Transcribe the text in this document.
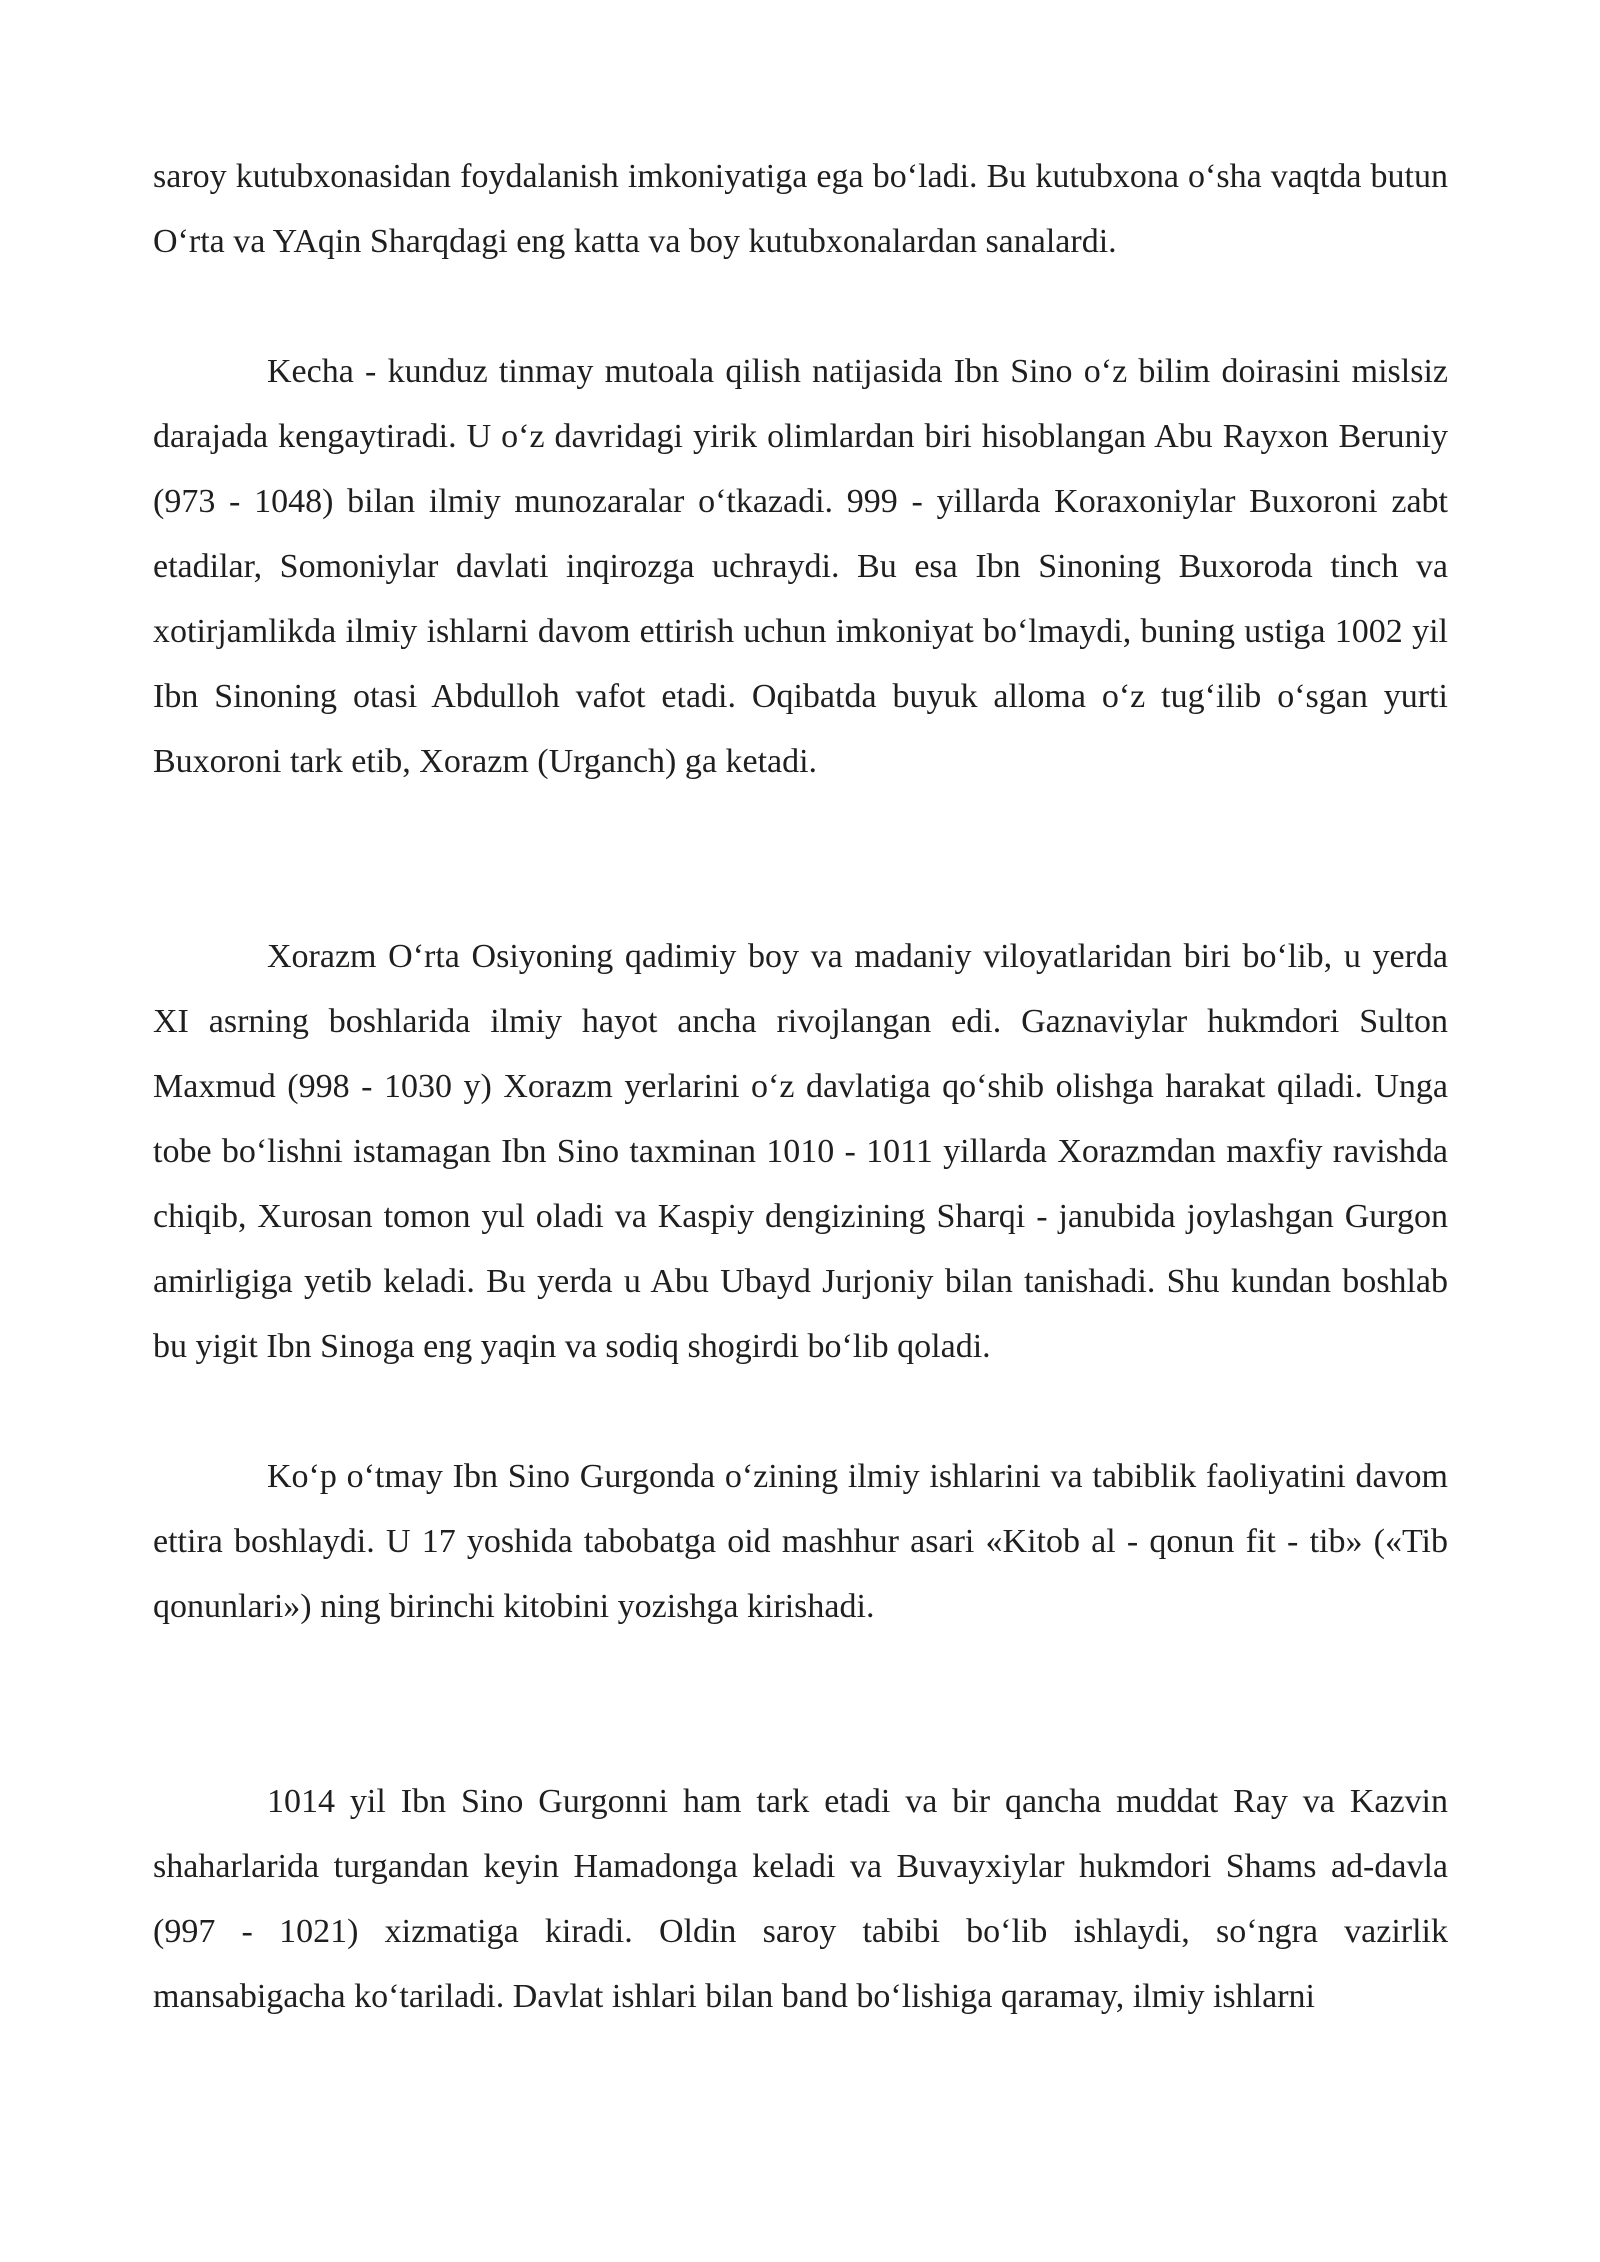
saroy kutubxonasidan foydalanish imkoniyatiga ega bo‘ladi. Bu kutubxona o‘sha vaqtda butun O‘rta va YAqin Sharqdagi eng katta va boy kutubxonalardan sanalardi.

Kecha - kunduz tinmay mutoala qilish natijasida Ibn Sino o‘z bilim doirasini mislsiz darajada kengaytiradi. U o‘z davridagi yirik olimlardan biri hisoblangan Abu Rayxon Beruniy (973 - 1048) bilan ilmiy munozaralar o‘tkazadi. 999 - yillarda Koraxoniylar Buxoroni zabt etadilar, Somoniylar davlati inqirozga uchraydi. Bu esa Ibn Sinoning Buxoroda tinch va xotirjamlikda ilmiy ishlarni davom ettirish uchun imkoniyat bo‘lmaydi, buning ustiga 1002 yil Ibn Sinoning otasi Abdulloh vafot etadi. Oqibatda buyuk alloma o‘z tug‘ilib o‘sgan yurti Buxoroni tark etib, Xorazm (Urganch) ga ketadi.

Xorazm O‘rta Osiyoning qadimiy boy va madaniy viloyatlaridan biri bo‘lib, u yerda XI asrning boshlarida ilmiy hayot ancha rivojlangan edi. Gaznaviylar hukmdori Sulton Maxmud (998 - 1030 y) Xorazm yerlarini o‘z davlatiga qo‘shib olishga harakat qiladi. Unga tobe bo‘lishni istamagan Ibn Sino taxminan 1010 - 1011 yillarda Xorazmdan maxfiy ravishda chiqib, Xurosan tomon yul oladi va Kaspiy dengizining Sharqi - janubida joylashgan Gurgon amirligiga yetib keladi. Bu yerda u Abu Ubayd Jurjoniy bilan tanishadi. Shu kundan boshlab bu yigit Ibn Sinoga eng yaqin va sodiq shogirdi bo‘lib qoladi.

Ko‘p o‘tmay Ibn Sino Gurgonda o‘zining ilmiy ishlarini va tabiblik faoliyatini davom ettira boshlaydi. U 17 yoshida tabobatga oid mashhur asari «Kitob al - qonun fit - tib» («Tib qonunlari») ning birinchi kitobini yozishga kirishadi.

1014 yil Ibn Sino Gurgonni ham tark etadi va bir qancha muddat Ray va Kazvin shaharlarida turgandan keyin Hamadonga keladi va Buvayxiylar hukmdori Shams ad-davla (997 - 1021) xizmatiga kiradi. Oldin saroy tabibi bo‘lib ishlaydi, so‘ngra vazirlik mansabigacha ko‘tariladi. Davlat ishlari bilan band bo‘lishiga qaramay, ilmiy ishlarni
